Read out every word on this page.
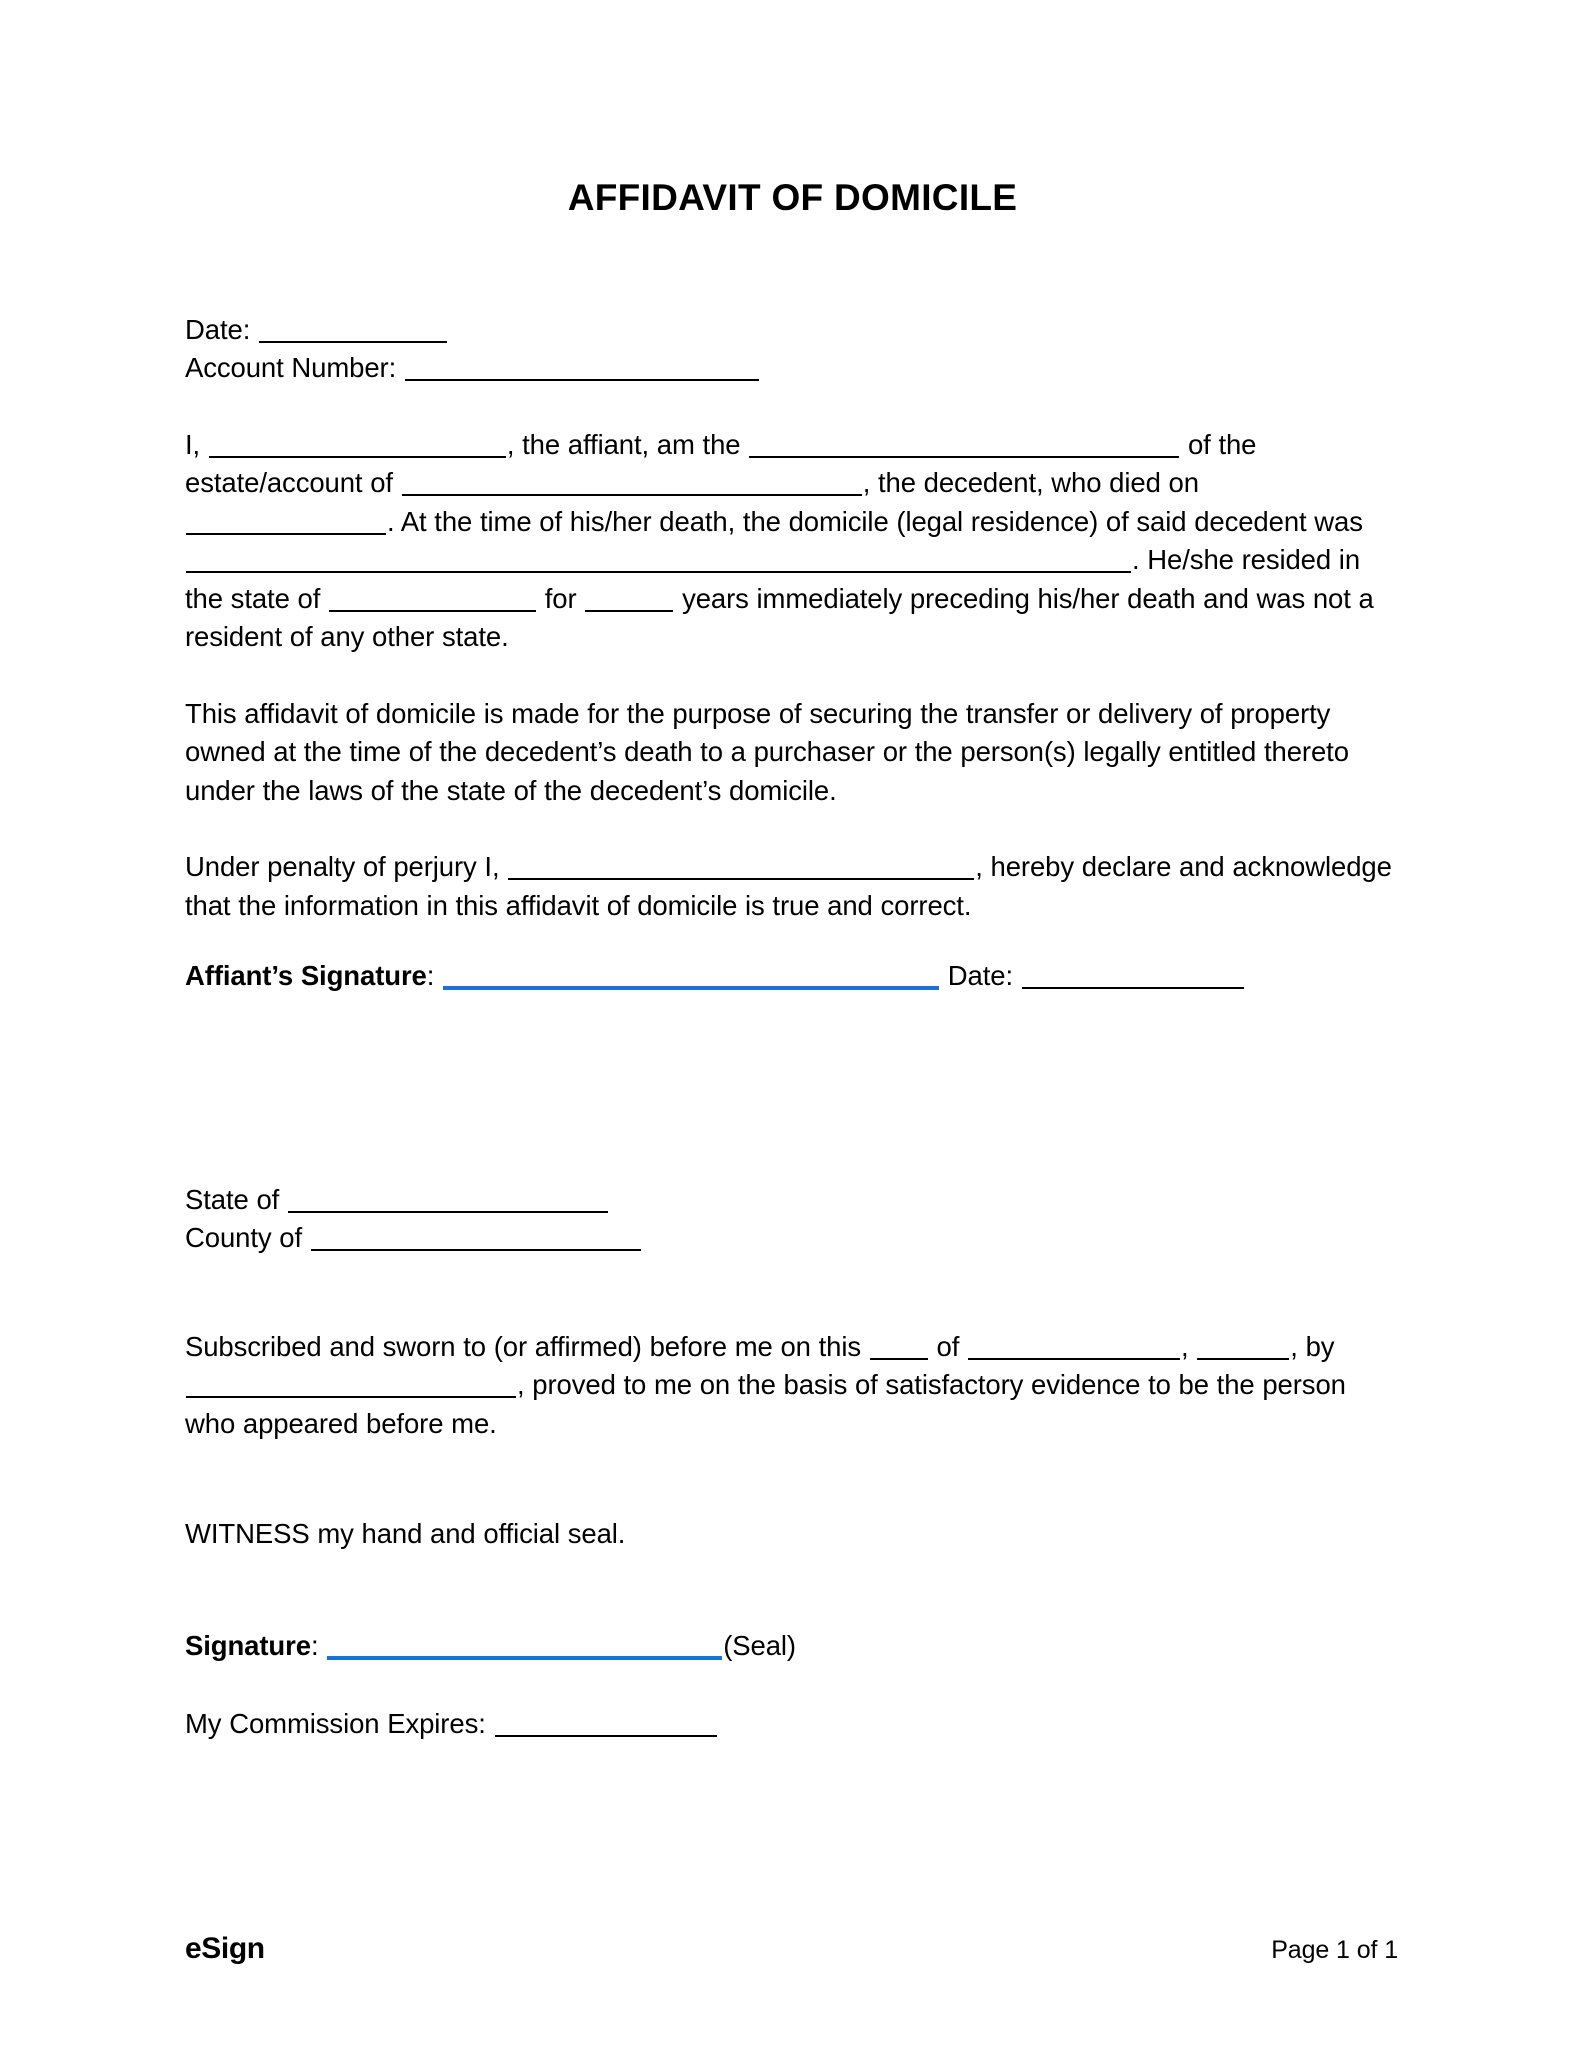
AFFIDAVIT OF DOMICILE
Date:
Account Number:
I,	, the affiant, am the	of the estate/account of	, the decedent, who died on . At the time of his/her death, the domicile (legal residence) of said decedent was . He/she resided in the state of	for	years immediately preceding his/her death and was not a resident of any other state.
This affidavit of domicile is made for the purpose of securing the transfer or delivery of property owned at the time of the decedent’s death to a purchaser or the person(s) legally entitled thereto under the laws of the state of the decedent’s domicile.
Under penalty of perjury I,	, hereby declare and acknowledge that the information in this affidavit of domicile is true and correct.
Affiant’s Signature:	Date:
State of
County of
Subscribed and sworn to (or affirmed) before me on this	of	,	, by , proved to me on the basis of satisfactory evidence to be the person who appeared before me.
WITNESS my hand and official seal.
Signature:	(Seal)
My Commission Expires:
eSign	Page 1 of 1
